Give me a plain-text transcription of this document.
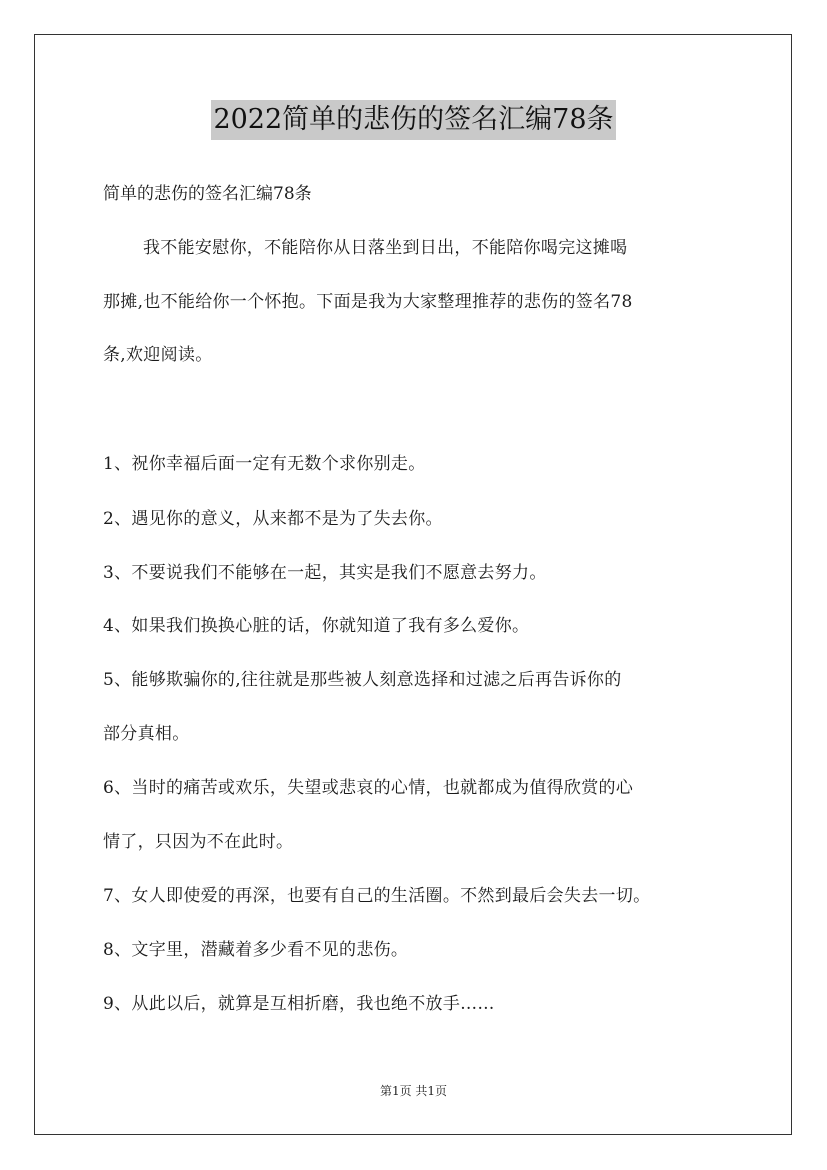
2022简单的悲伤的签名汇编78条
简单的悲伤的签名汇编78条
我不能安慰你，不能陪你从日落坐到日出，不能陪你喝完这摊喝
那摊,也不能给你一个怀抱。下面是我为大家整理推荐的悲伤的签名78
条,欢迎阅读。
1、祝你幸福后面一定有无数个求你别走。
2、遇见你的意义，从来都不是为了失去你。
3、不要说我们不能够在一起，其实是我们不愿意去努力。
4、如果我们换换心脏的话，你就知道了我有多么爱你。
5、能够欺骗你的,往往就是那些被人刻意选择和过滤之后再告诉你的
部分真相。
6、当时的痛苦或欢乐，失望或悲哀的心情，也就都成为值得欣赏的心
情了，只因为不在此时。
7、女人即使爱的再深，也要有自己的生活圈。不然到最后会失去一切。
8、文字里，潜藏着多少看不见的悲伤。
9、从此以后，就算是互相折磨，我也绝不放手……
第1页 共1页
